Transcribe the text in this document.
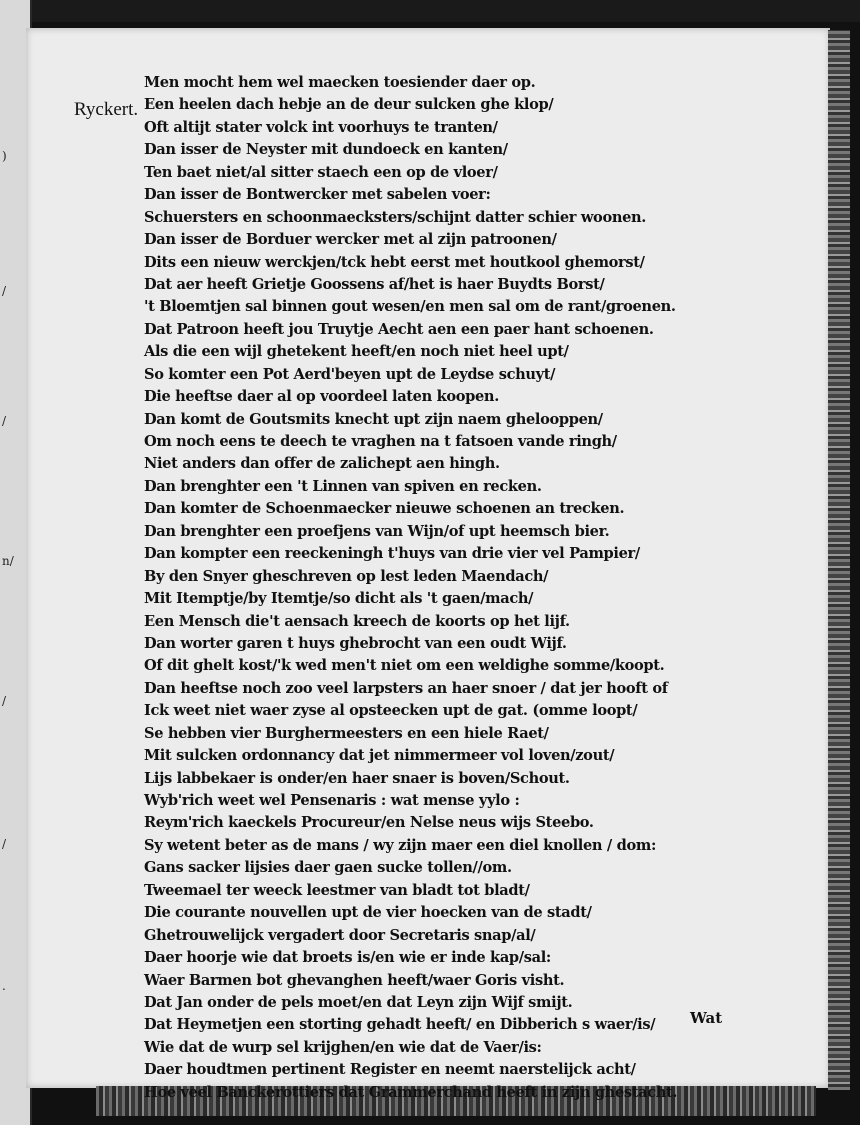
)
/
/
n/
/
/
.
Ryckert.
Men mocht hem wel maecken toesiender daer op.
Een heelen dach hebje an de deur sulcken ghe klop/
Oft altijt stater volck int voorhuys te tranten/
Dan isser de Neyster mit dundoeck en kanten/
Ten baet niet/al sitter staech een op de vloer/
Dan isser de Bontwercker met sabelen voer:
Schuersters en schoonmaecksters/schijnt datter schier woonen.
Dan isser de Borduer wercker met al zijn patroonen/
Dits een nieuw werckjen/tck hebt eerst met houtkool ghemorst/
Dat aer heeft Grietje Goossens af/het is haer Buydts Borst/
't Bloemtjen sal binnen gout wesen/en men sal om de rant/groenen.
Dat Patroon heeft jou Truytje Aecht aen een paer hant schoenen.
Als die een wijl ghetekent heeft/en noch niet heel upt/
So komter een Pot Aerd'beyen upt de Leydse schuyt/
Die heeftse daer al op voordeel laten koopen.
Dan komt de Goutsmits knecht upt zijn naem ghelooppen/
Om noch eens te deech te vraghen na t fatsoen vande ringh/
Niet anders dan offer de zalichept aen hingh.
Dan brenghter een 't Linnen van spiven en recken.
Dan komter de Schoenmaecker nieuwe schoenen an trecken.
Dan brenghter een proefjens van Wijn/of upt heemsch bier.
Dan kompter een reeckeningh t'huys van drie vier vel Pampier/
By den Snyer gheschreven op lest leden Maendach/
Mit Itemptje/by Itemtje/so dicht als 't gaen/mach/
Een Mensch die't aensach kreech de koorts op het lijf.
Dan worter garen t huys ghebrocht van een oudt Wijf.
Of dit ghelt kost/'k wed men't niet om een weldighe somme/koopt.
Dan heeftse noch zoo veel larpsters an haer snoer / dat jer hooft of
Ick weet niet waer zyse al opsteecken upt de gat. (omme loopt/
Se hebben vier Burghermeesters en een hiele Raet/
Mit sulcken ordonnancy dat jet nimmermeer vol loven/zout/
Lijs labbekaer is onder/en haer snaer is boven/Schout.
Wyb'rich weet wel Pensenaris : wat mense yylo :
Reym'rich kaeckels Procureur/en Nelse neus wijs Steebo.
Sy wetent beter as de mans / wy zijn maer een diel knollen / dom:
Gans sacker lijsies daer gaen sucke tollen//om.
Tweemael ter weeck leestmer van bladt tot bladt/
Die courante nouvellen upt de vier hoecken van de stadt/
Ghetrouwelijck vergadert door Secretaris snap/al/
Daer hoorje wie dat broets is/en wie er inde kap/sal:
Waer Barmen bot ghevanghen heeft/waer Goris visht.
Dat Jan onder de pels moet/en dat Leyn zijn Wijf smijt.
Dat Heymetjen een storting gehadt heeft/ en Dibberich s waer/is/
Wie dat de wurp sel krijghen/en wie dat de Vaer/is:
Daer houdtmen pertinent Register en neemt naerstelijck acht/
Hoe veel Banckerottiers dat Grammerchand heeft in zijn ghestacht.
Wat
